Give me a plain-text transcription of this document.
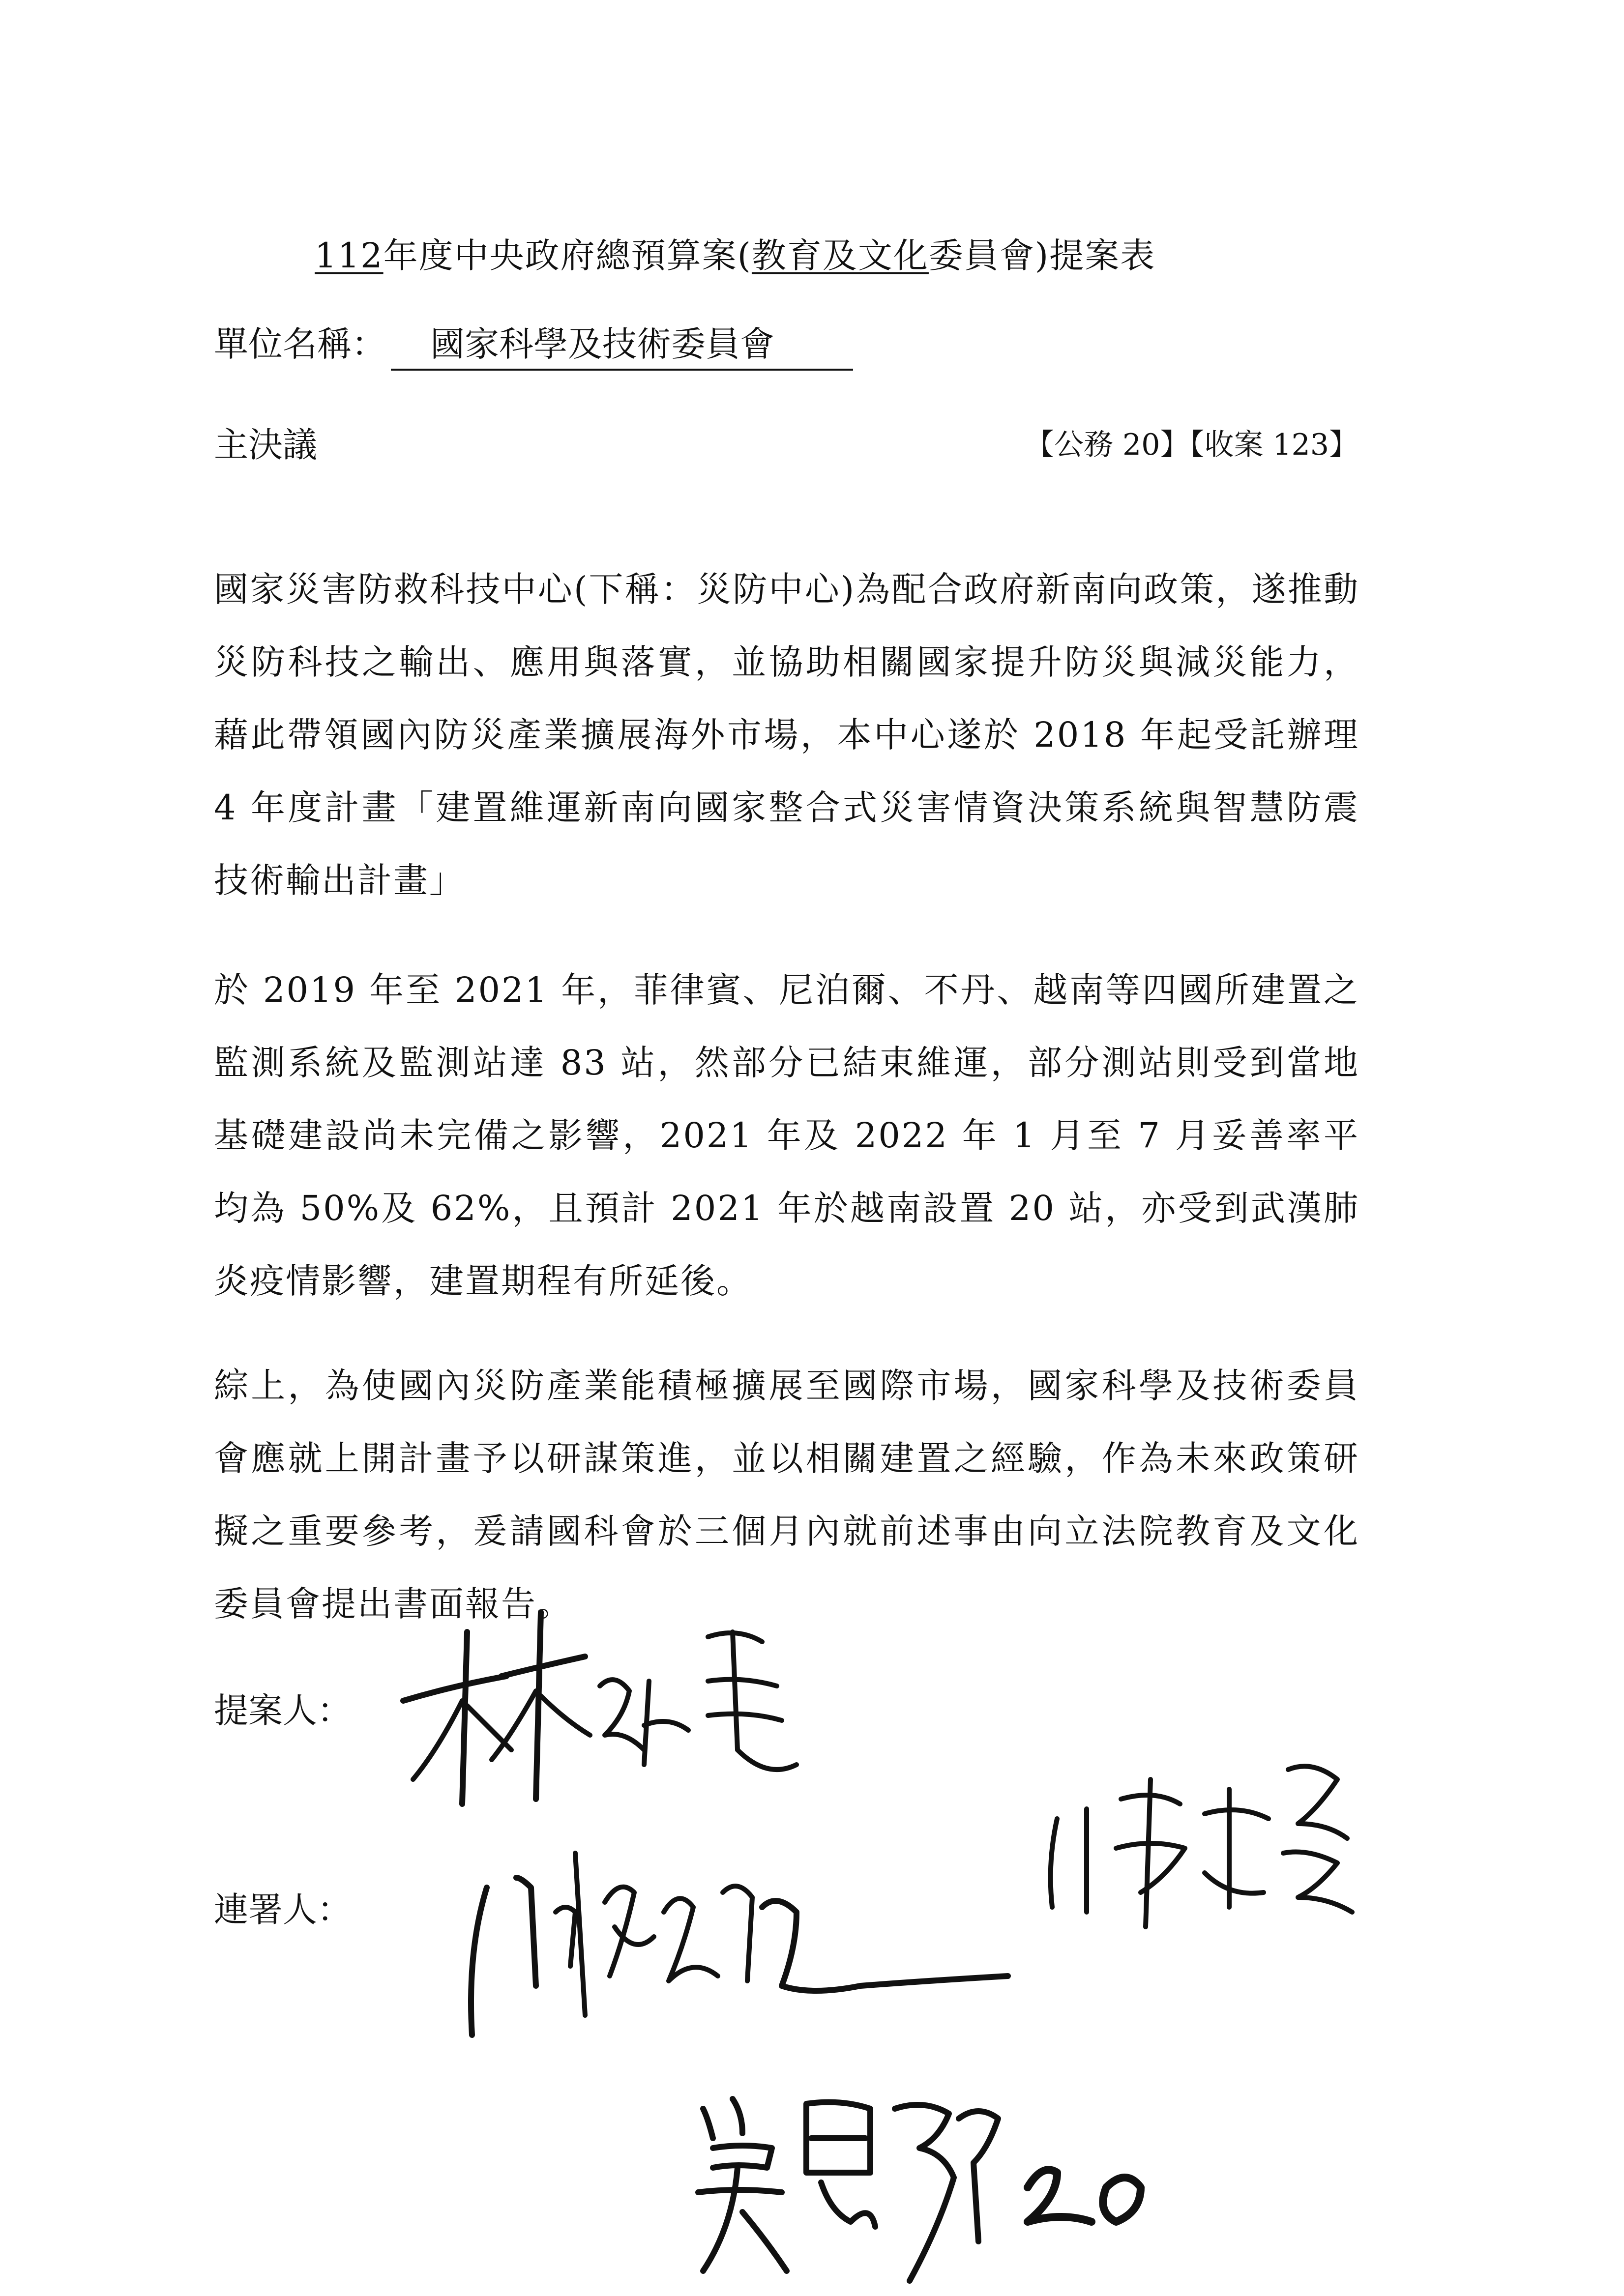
112年度中央政府總預算案(教育及文化委員會)提案表
單位名稱： 國家科學及技術委員會
主決議	【公務 20】【收案 123】
國家災害防救科技中心(下稱：災防中心)為配合政府新南向政策，遂推動災防科技之輸出、應用與落實，並協助相關國家提升防災與減災能力，藉此帶領國內防災產業擴展海外市場，本中心遂於 2018 年起受託辦理 4 年度計畫「建置維運新南向國家整合式災害情資決策系統與智慧防震技術輸出計畫」
於 2019 年至 2021 年，菲律賓、尼泊爾、不丹、越南等四國所建置之監測系統及監測站達 83 站，然部分已結束維運，部分測站則受到當地基礎建設尚未完備之影響，2021 年及 2022 年 1 月至 7 月妥善率平均為 50%及 62%，且預計 2021 年於越南設置 20 站，亦受到武漢肺炎疫情影響，建置期程有所延後。
綜上，為使國內災防產業能積極擴展至國際市場，國家科學及技術委員會應就上開計畫予以研謀策進，並以相關建置之經驗，作為未來政策研擬之重要參考，爰請國科會於三個月內就前述事由向立法院教育及文化委員會提出書面報告。
提案人：
連署人：
